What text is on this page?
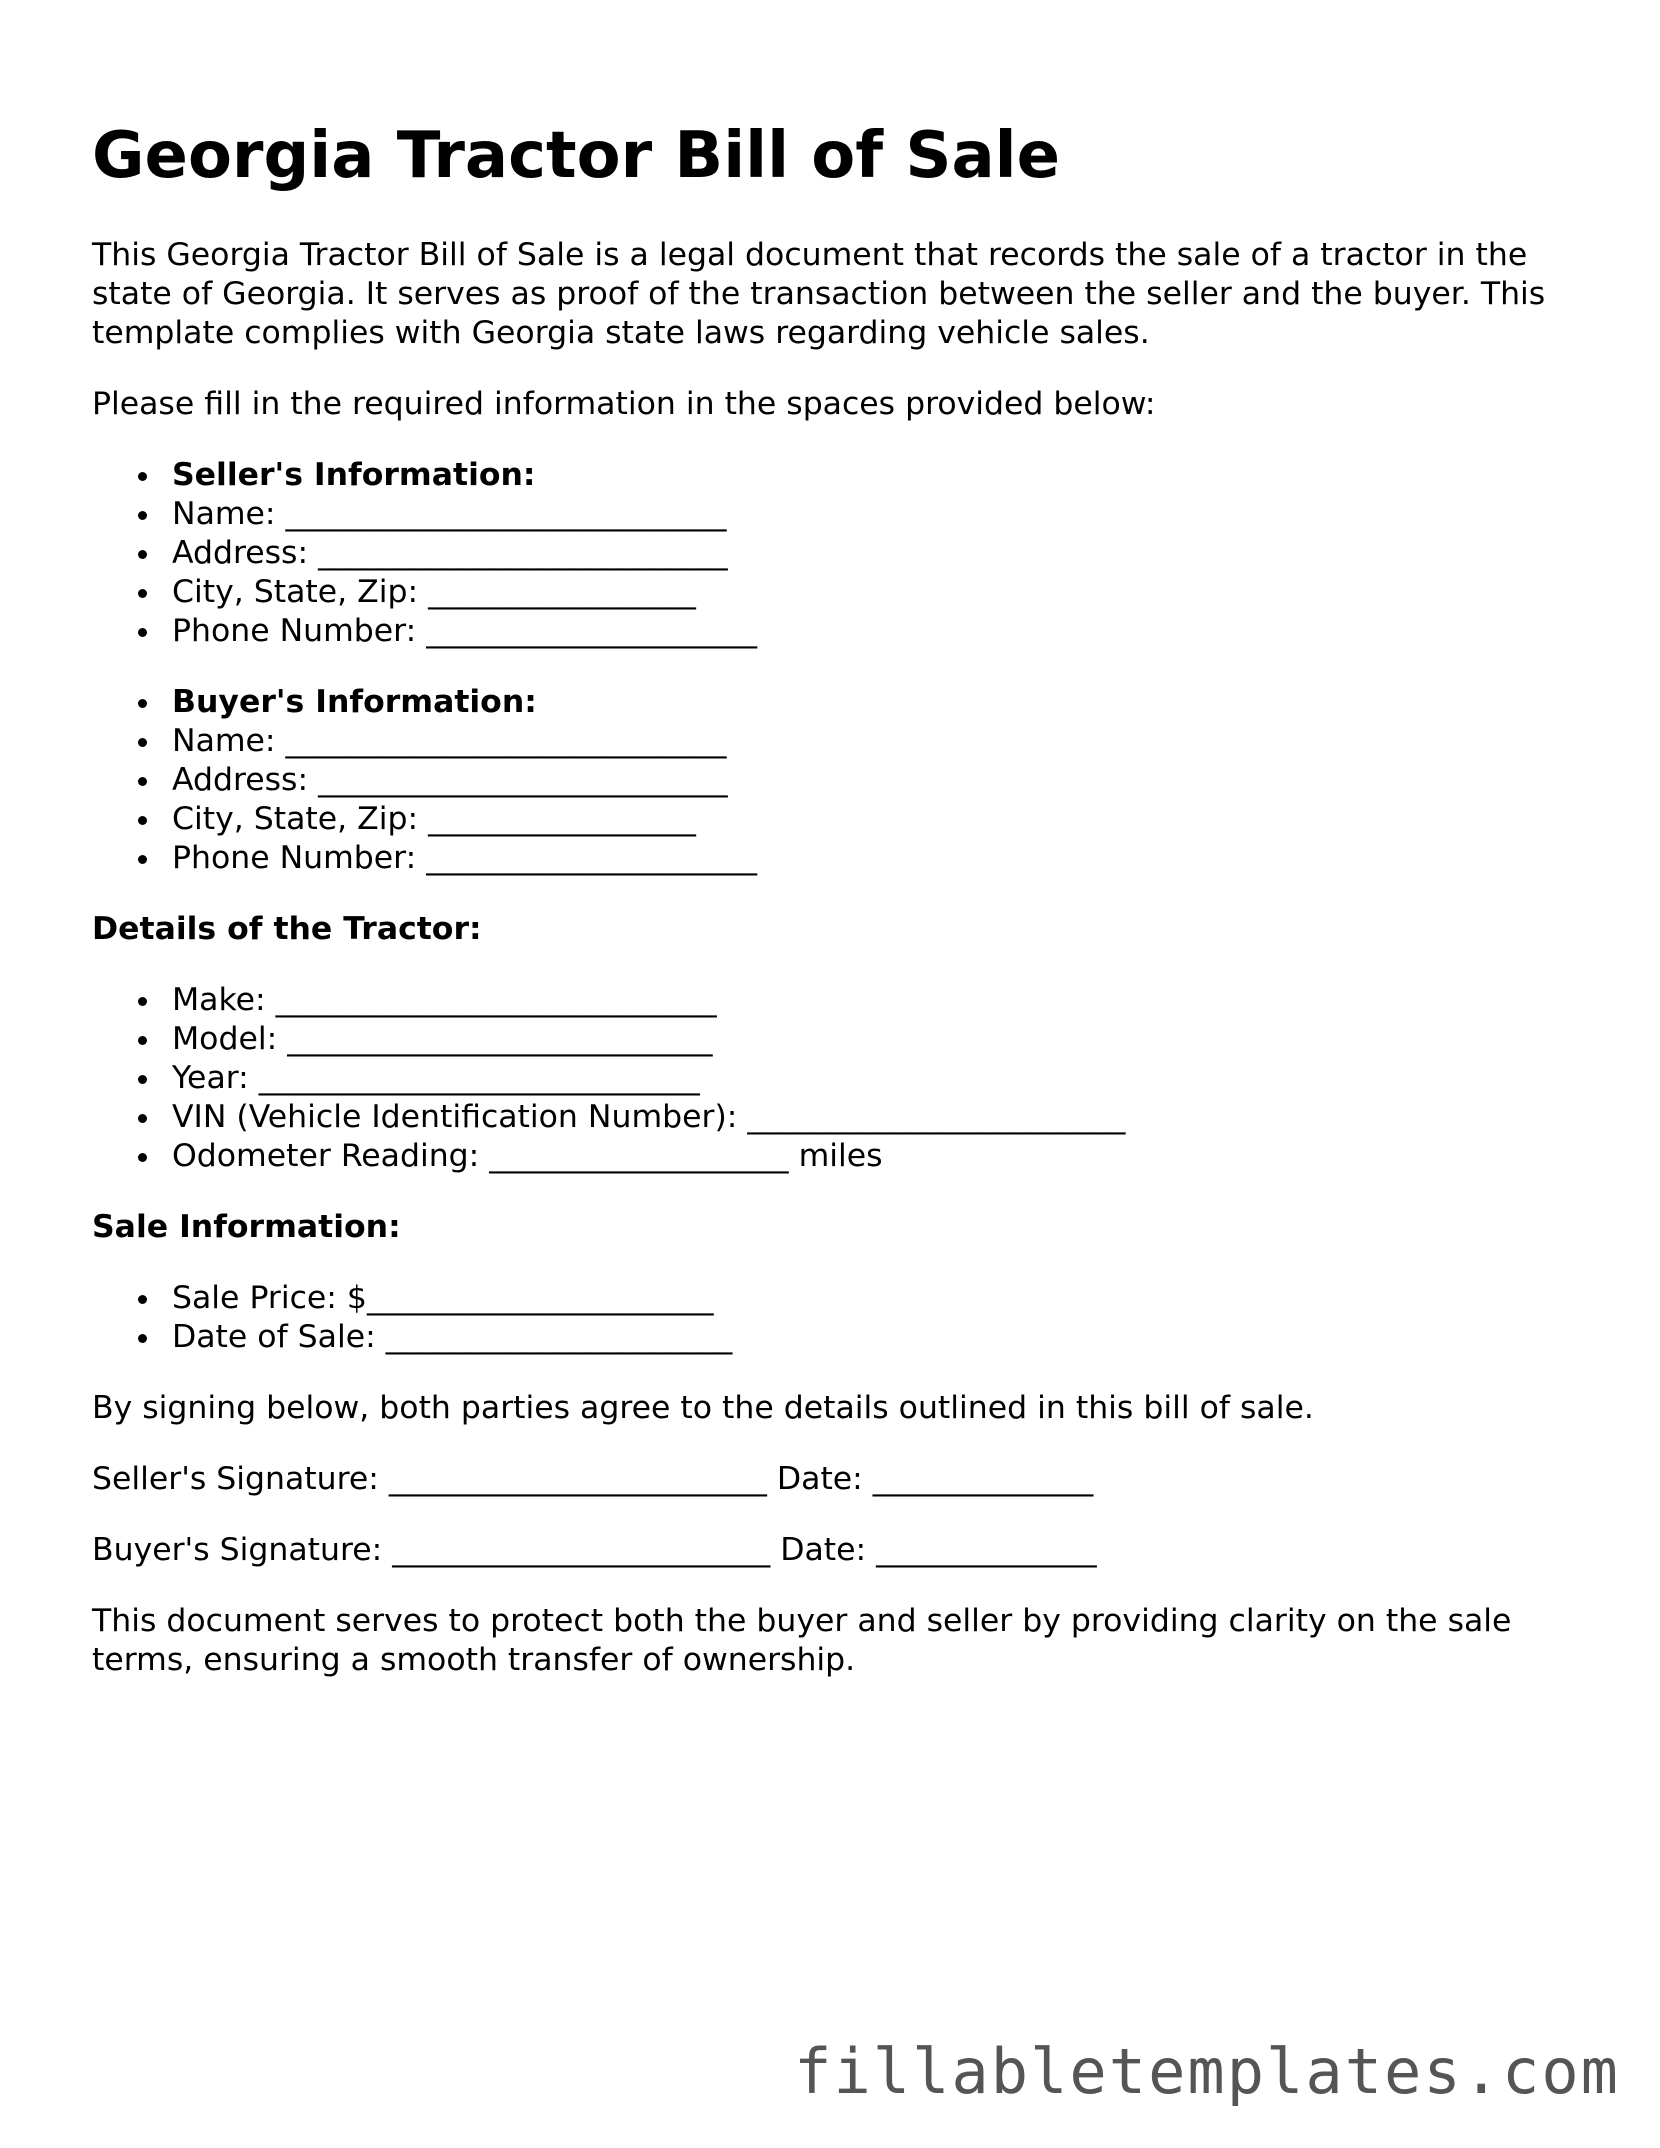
Georgia Tractor Bill of Sale

This Georgia Tractor Bill of Sale is a legal document that records the sale of a tractor in the state of Georgia. It serves as proof of the transaction between the seller and the buyer. This template complies with Georgia state laws regarding vehicle sales.

Please fill in the required information in the spaces provided below:

Seller's Information:
Name: ____________________________
Address: __________________________
City, State, Zip: _________________
Phone Number: _____________________
Buyer's Information:
Name: ____________________________
Address: __________________________
City, State, Zip: _________________
Phone Number: _____________________
Details of the Tractor:
Make: ____________________________
Model: ___________________________
Year: ____________________________
VIN (Vehicle Identification Number): ________________________
Odometer Reading: ___________________ miles
Sale Information:
Sale Price: $______________________
Date of Sale: ______________________

By signing below, both parties agree to the details outlined in this bill of sale.

Seller's Signature: ________________________ Date: ______________

Buyer's Signature: ________________________ Date: ______________

This document serves to protect both the buyer and seller by providing clarity on the sale terms, ensuring a smooth transfer of ownership.

fillabletemplates.com
